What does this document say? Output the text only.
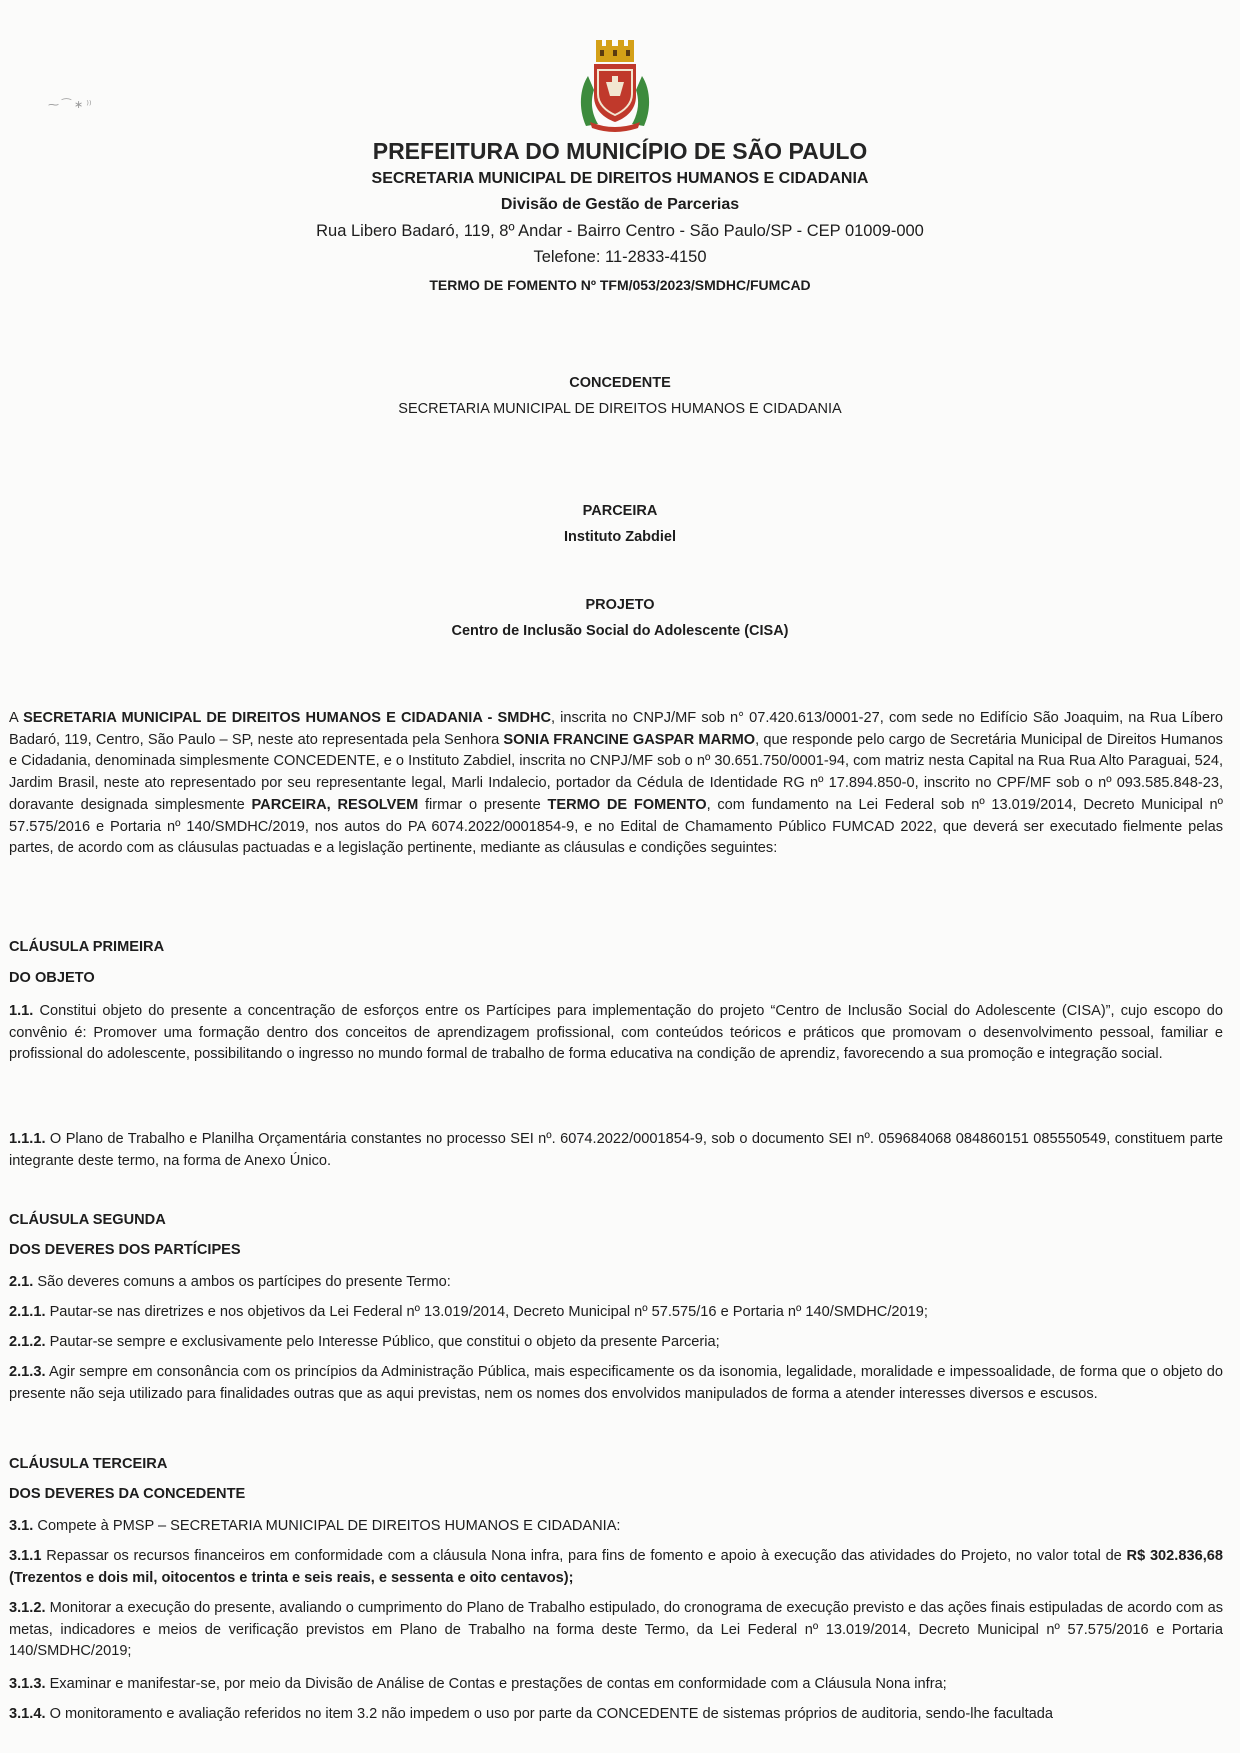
⁓ ⁀ ∗ ⁾⁾
PREFEITURA DO MUNICÍPIO DE SÃO PAULO
SECRETARIA MUNICIPAL DE DIREITOS HUMANOS E CIDADANIA
Divisão de Gestão de Parcerias
Rua Libero Badaró, 119, 8º Andar - Bairro Centro - São Paulo/SP - CEP 01009-000
Telefone: 11-2833-4150
TERMO DE FOMENTO Nº TFM/053/2023/SMDHC/FUMCAD
CONCEDENTE
SECRETARIA MUNICIPAL DE DIREITOS HUMANOS E CIDADANIA
PARCEIRA
Instituto Zabdiel
PROJETO
Centro de Inclusão Social do Adolescente (CISA)

A SECRETARIA MUNICIPAL DE DIREITOS HUMANOS E CIDADANIA - SMDHC, inscrita no CNPJ/MF sob n° 07.420.613/0001-27, com sede no Edifício São Joaquim, na Rua Líbero Badaró, 119, Centro, São Paulo – SP, neste ato representada pela Senhora SONIA FRANCINE GASPAR MARMO, que responde pelo cargo de Secretária Municipal de Direitos Humanos e Cidadania, denominada simplesmente CONCEDENTE, e o Instituto Zabdiel, inscrita no CNPJ/MF sob o nº 30.651.750/0001-94, com matriz nesta Capital na Rua Rua Alto Paraguai, 524, Jardim Brasil, neste ato representado por seu representante legal, Marli Indalecio, portador da Cédula de Identidade RG nº 17.894.850-0, inscrito no CPF/MF sob o nº 093.585.848-23, doravante designada simplesmente PARCEIRA, RESOLVEM firmar o presente TERMO DE FOMENTO, com fundamento na Lei Federal sob nº 13.019/2014, Decreto Municipal nº 57.575/2016 e Portaria nº 140/SMDHC/2019, nos autos do PA 6074.2022/0001854-9, e no Edital de Chamamento Público FUMCAD 2022, que deverá ser executado fielmente pelas partes, de acordo com as cláusulas pactuadas e a legislação pertinente, mediante as cláusulas e condições seguintes:

CLÁUSULA PRIMEIRA
DO OBJETO

1.1. Constitui objeto do presente a concentração de esforços entre os Partícipes para implementação do projeto “Centro de Inclusão Social do Adolescente (CISA)”, cujo escopo do convênio é: Promover uma formação dentro dos conceitos de aprendizagem profissional, com conteúdos teóricos e práticos que promovam o desenvolvimento pessoal, familiar e profissional do adolescente, possibilitando o ingresso no mundo formal de trabalho de forma educativa na condição de aprendiz, favorecendo a sua promoção e integração social.

1.1.1. O Plano de Trabalho e Planilha Orçamentária constantes no processo SEI nº. 6074.2022/0001854-9, sob o documento SEI nº. 059684068 084860151 085550549, constituem parte integrante deste termo, na forma de Anexo Único.

CLÁUSULA SEGUNDA
DOS DEVERES DOS PARTÍCIPES

2.1. São deveres comuns a ambos os partícipes do presente Termo:

2.1.1. Pautar-se nas diretrizes e nos objetivos da Lei Federal nº 13.019/2014, Decreto Municipal nº 57.575/16 e Portaria nº 140/SMDHC/2019;

2.1.2. Pautar-se sempre e exclusivamente pelo Interesse Público, que constitui o objeto da presente Parceria;

2.1.3. Agir sempre em consonância com os princípios da Administração Pública, mais especificamente os da isonomia, legalidade, moralidade e impessoalidade, de forma que o objeto do presente não seja utilizado para finalidades outras que as aqui previstas, nem os nomes dos envolvidos manipulados de forma a atender interesses diversos e escusos.

CLÁUSULA TERCEIRA
DOS DEVERES DA CONCEDENTE

3.1. Compete à PMSP – SECRETARIA MUNICIPAL DE DIREITOS HUMANOS E CIDADANIA:

3.1.1 Repassar os recursos financeiros em conformidade com a cláusula Nona infra, para fins de fomento e apoio à execução das atividades do Projeto, no valor total de R$ 302.836,68 (Trezentos e dois mil, oitocentos e trinta e seis reais, e sessenta e oito centavos);

3.1.2. Monitorar a execução do presente, avaliando o cumprimento do Plano de Trabalho estipulado, do cronograma de execução previsto e das ações finais estipuladas de acordo com as metas, indicadores e meios de verificação previstos em Plano de Trabalho na forma deste Termo, da Lei Federal nº 13.019/2014, Decreto Municipal nº 57.575/2016 e Portaria 140/SMDHC/2019;

3.1.3. Examinar e manifestar-se, por meio da Divisão de Análise de Contas e prestações de contas em conformidade com a Cláusula Nona infra;

3.1.4. O monitoramento e avaliação referidos no item 3.2 não impedem o uso por parte da CONCEDENTE de sistemas próprios de auditoria, sendo-lhe facultada
